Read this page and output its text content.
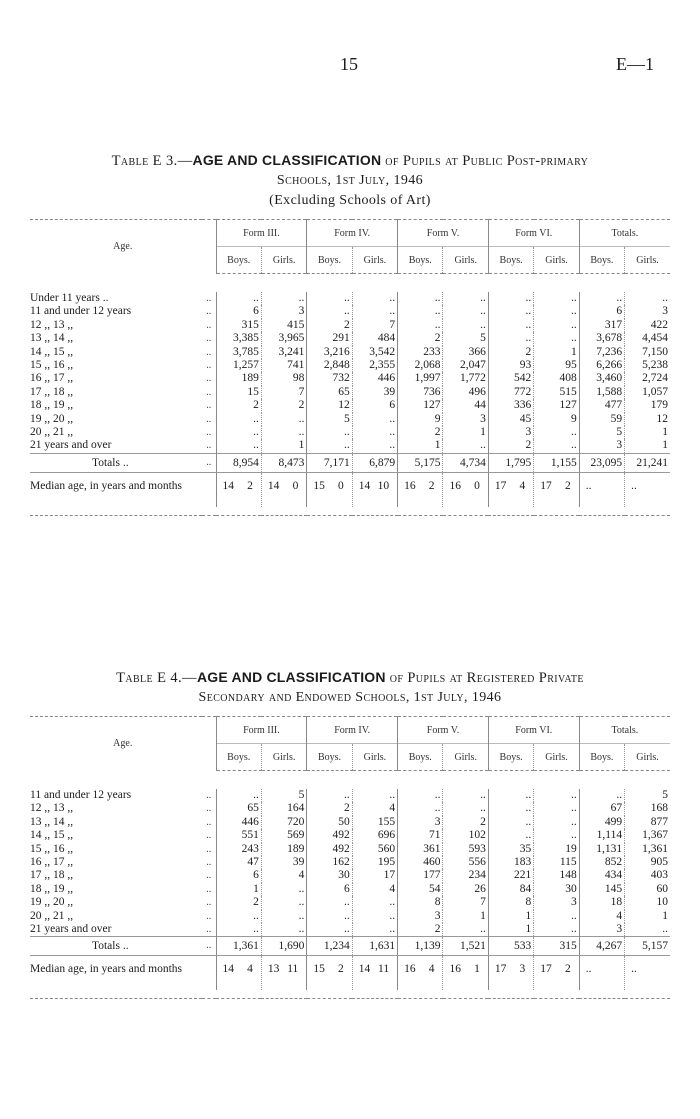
15	E—1
Table E 3.—AGE AND CLASSIFICATION of Pupils at Public Post-primary
Schools, 1st July, 1946
(Excluding Schools of Art)
Age.		Form III.		Form IV.		Form V.		Form VI.		Totals.	
		Boys.	Girls.	Boys.	Girls.	Boys.	Girls.	Boys.	Girls.	Boys.	Girls.

Under 11 years ..	..	..	..	..	..	..	..	..	..	..	..
11 and under 12 years	..	6	3	..	..	..	..	..	..	6	3
12 ,, 13 ,,	..	315	415	2	7	..	..	..	..	317	422
13 ,, 14 ,,	..	3,385	3,965	291	484	2	5	..	..	3,678	4,454
14 ,, 15 ,,	..	3,785	3,241	3,216	3,542	233	366	2	1	7,236	7,150
15 ,, 16 ,,	..	1,257	741	2,848	2,355	2,068	2,047	93	95	6,266	5,238
16 ,, 17 ,,	..	189	98	732	446	1,997	1,772	542	408	3,460	2,724
17 ,, 18 ,,	..	15	7	65	39	736	496	772	515	1,588	1,057
18 ,, 19 ,,	..	2	2	12	6	127	44	336	127	477	179
19 ,, 20 ,,	..	..	..	5	..	9	3	45	9	59	12
20 ,, 21 ,,	..	..	..	..	..	2	1	3	..	5	1
21 years and over	..	..	1	..	..	1	..	2	..	3	1
Totals ..	..	8,954	8,473	7,171	6,879	5,175	4,734	1,795	1,155	23,095	21,241
Median age, in years and months		14 2	14 0	15 0	14 10	16 2	16 0	17 4	17 2	..	..

Table E 4.—AGE AND CLASSIFICATION of Pupils at Registered Private
Secondary and Endowed Schools, 1st July, 1946
Age.		Form III.		Form IV.		Form V.		Form VI.		Totals.	
		Boys.	Girls.	Boys.	Girls.	Boys.	Girls.	Boys.	Girls.	Boys.	Girls.

11 and under 12 years	..	..	5	..	..	..	..	..	..	..	5
12 ,, 13 ,,	..	65	164	2	4	..	..	..	..	67	168
13 ,, 14 ,,	..	446	720	50	155	3	2	..	..	499	877
14 ,, 15 ,,	..	551	569	492	696	71	102	..	..	1,114	1,367
15 ,, 16 ,,	..	243	189	492	560	361	593	35	19	1,131	1,361
16 ,, 17 ,,	..	47	39	162	195	460	556	183	115	852	905
17 ,, 18 ,,	..	6	4	30	17	177	234	221	148	434	403
18 ,, 19 ,,	..	1	..	6	4	54	26	84	30	145	60
19 ,, 20 ,,	..	2	..	..	..	8	7	8	3	18	10
20 ,, 21 ,,	..	..	..	..	..	3	1	1	..	4	1
21 years and over	..	..	..	..	..	2	..	1	..	3	..
Totals ..	..	1,361	1,690	1,234	1,631	1,139	1,521	533	315	4,267	5,157
Median age, in years and months		14 4	13 11	15 2	14 11	16 4	16 1	17 3	17 2	..	..
